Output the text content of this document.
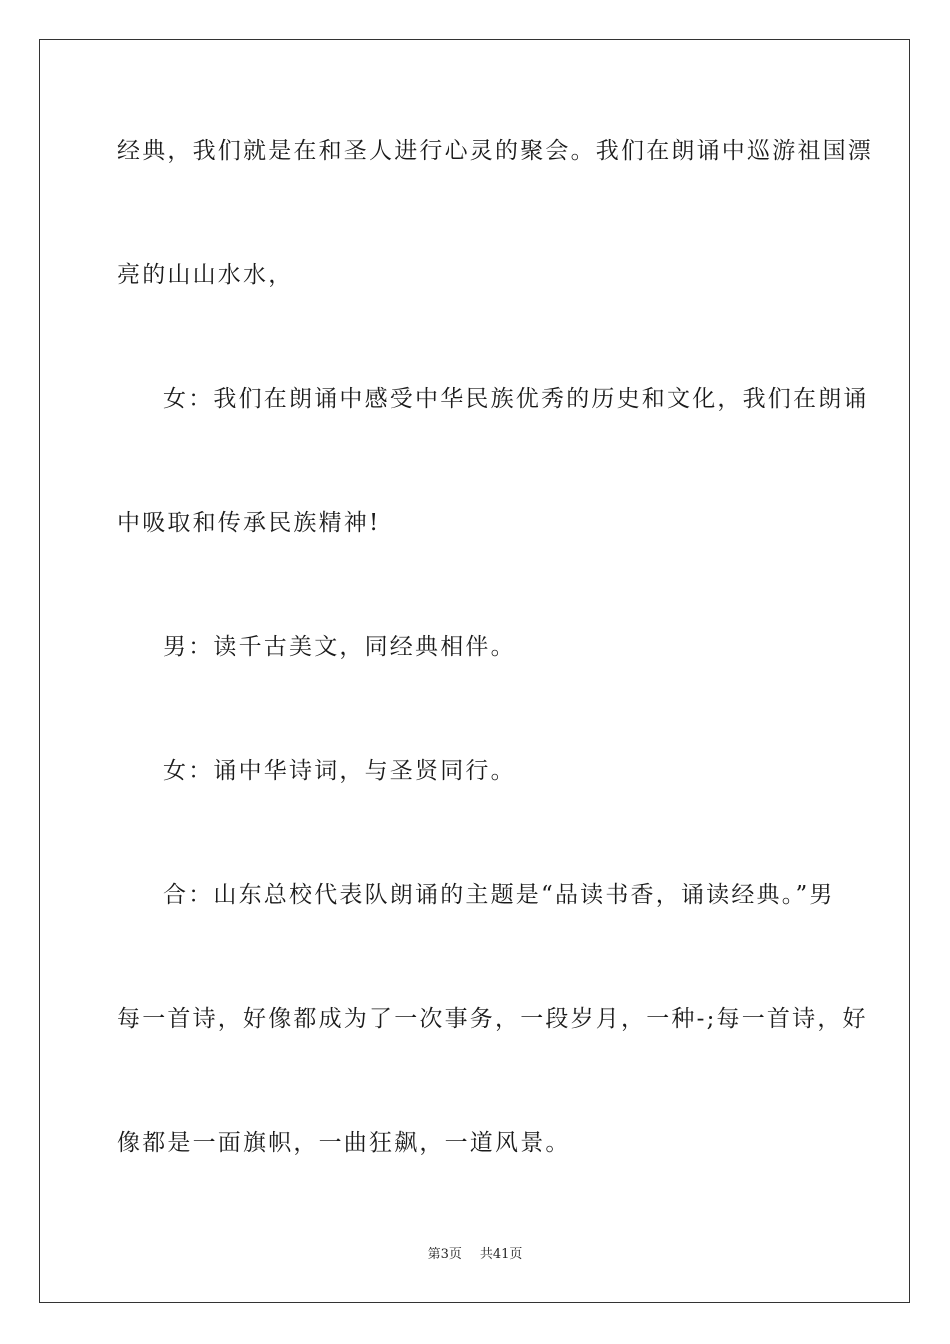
经典，我们就是在和圣人进行心灵的聚会。我们在朗诵中巡游祖国漂
亮的山山水水，
女：我们在朗诵中感受中华民族优秀的历史和文化，我们在朗诵
中吸取和传承民族精神!
男：读千古美文，同经典相伴。
女：诵中华诗词，与圣贤同行。
合：山东总校代表队朗诵的主题是“品读书香，诵读经典。”男
每一首诗，好像都成为了一次事务，一段岁月，一种-;每一首诗，好
像都是一面旗帜，一曲狂飙，一道风景。
第3页 共41页
